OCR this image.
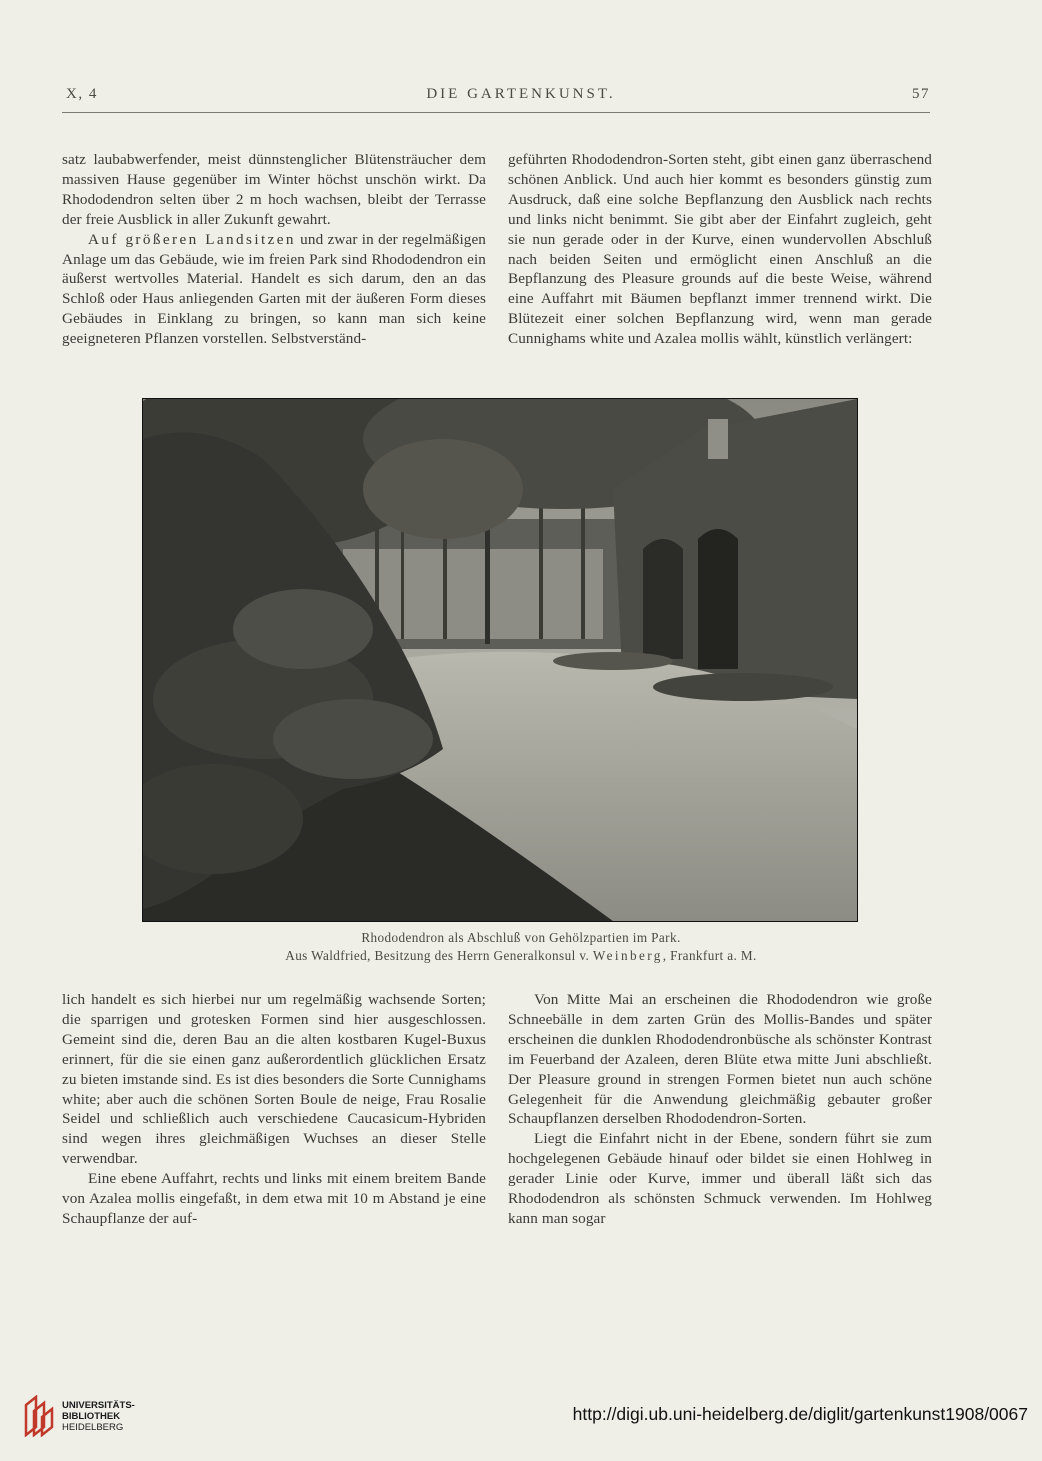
X, 4	DIE GARTENKUNST.	57

satz laubabwerfender, meist dünnstenglicher Blütensträucher dem massiven Hause gegenüber im Winter höchst unschön wirkt. Da Rhododendron selten über 2 m hoch wachsen, bleibt der Terrasse der freie Ausblick in aller Zukunft gewahrt.

Auf größeren Landsitzen und zwar in der regelmäßigen Anlage um das Gebäude, wie im freien Park sind Rhododendron ein äußerst wertvolles Material. Handelt es sich darum, den an das Schloß oder Haus anliegenden Garten mit der äußeren Form dieses Gebäudes in Einklang zu bringen, so kann man sich keine geeigneteren Pflanzen vorstellen. Selbstverständ-

geführten Rhododendron-Sorten steht, gibt einen ganz überraschend schönen Anblick. Und auch hier kommt es besonders günstig zum Ausdruck, daß eine solche Bepflanzung den Ausblick nach rechts und links nicht benimmt. Sie gibt aber der Einfahrt zugleich, geht sie nun gerade oder in der Kurve, einen wundervollen Abschluß nach beiden Seiten und ermöglicht einen Anschluß an die Bepflanzung des Pleasure grounds auf die beste Weise, während eine Auffahrt mit Bäumen bepflanzt immer trennend wirkt. Die Blütezeit einer solchen Bepflanzung wird, wenn man gerade Cunnighams white und Azalea mollis wählt, künstlich verlängert:

Rhododendron als Abschluß von Gehölzpartien im Park.
Aus Waldfried, Besitzung des Herrn Generalkonsul v. Weinberg, Frankfurt a. M.

lich handelt es sich hierbei nur um regelmäßig wachsende Sorten; die sparrigen und grotesken Formen sind hier ausgeschlossen. Gemeint sind die, deren Bau an die alten kostbaren Kugel-Buxus erinnert, für die sie einen ganz außerordentlich glücklichen Ersatz zu bieten imstande sind. Es ist dies besonders die Sorte Cunnighams white; aber auch die schönen Sorten Boule de neige, Frau Rosalie Seidel und schließlich auch verschiedene Caucasicum-Hybriden sind wegen ihres gleichmäßigen Wuchses an dieser Stelle verwendbar.

Eine ebene Auffahrt, rechts und links mit einem breitem Bande von Azalea mollis eingefaßt, in dem etwa mit 10 m Abstand je eine Schaupflanze der auf-

Von Mitte Mai an erscheinen die Rhododendron wie große Schneebälle in dem zarten Grün des Mollis-Bandes und später erscheinen die dunklen Rhododendronbüsche als schönster Kontrast im Feuerband der Azaleen, deren Blüte etwa mitte Juni abschließt. Der Pleasure ground in strengen Formen bietet nun auch schöne Gelegenheit für die Anwendung gleichmäßig gebauter großer Schaupflanzen derselben Rhododendron-Sorten.

Liegt die Einfahrt nicht in der Ebene, sondern führt sie zum hochgelegenen Gebäude hinauf oder bildet sie einen Hohlweg in gerader Linie oder Kurve, immer und überall läßt sich das Rhododendron als schönsten Schmuck verwenden. Im Hohlweg kann man sogar

UNIVERSITÄTS-
BIBLIOTHEK
HEIDELBERG
http://digi.ub.uni-heidelberg.de/diglit/gartenkunst1908/0067
